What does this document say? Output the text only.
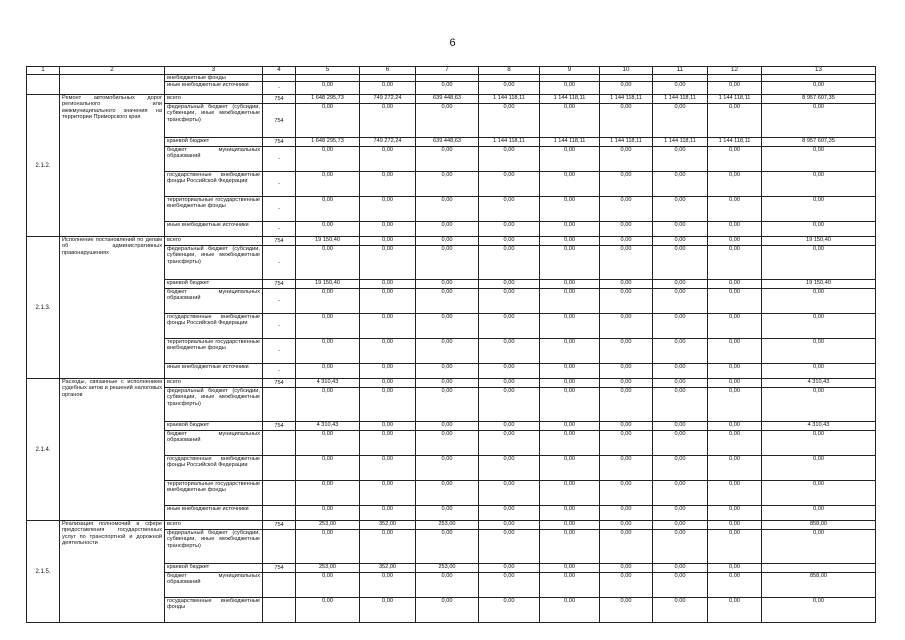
6
1	2	3	4	5	6	7	8	9	10	11	12	13
		внебюджетные фонды										
		иные внебюджетные источники	-	0,00	0,00	0,00	0,00	0,00	0,00	0,00	0,00	0,00
2.1.2.	Ремонт автомобильных дорог регионального или межмуниципального значения на территории Приморского края	всего	754	1 648 295,73	749 272,24	639 448,63	1 144 118,11	1 144 118,11	1 144 118,11	1 144 118,11	1 144 118,11	8 957 607,35
		федеральный бюджет (субсидии, субвенции, иные межбюджетные трансферты)	754	0,00	0,00	0,00	0,00	0,00	0,00	0,00	0,00	0,00
		краевой бюджет	754	1 648 295,73	749 272,24	639 448,63	1 144 118,11	1 144 118,11	1 144 118,11	1 144 118,11	1 144 118,11	8 957 607,35
		бюджет муниципальных образований	-	0,00	0,00	0,00	0,00	0,00	0,00	0,00	0,00	0,00
		государственные внебюджетные фонды Российской Федерации	-	0,00	0,00	0,00	0,00	0,00	0,00	0,00	0,00	0,00
		территориальные государственные внебюджетные фонды	-	0,00	0,00	0,00	0,00	0,00	0,00	0,00	0,00	0,00
		иные внебюджетные источники	-	0,00	0,00	0,00	0,00	0,00	0,00	0,00	0,00	0,00
2.1.3.	Исполнение постановлений по делам об административных правонарушениях	всего	754	19 150,40	0,00	0,00	0,00	0,00	0,00	0,00	0,00	19 150,40
		федеральный бюджет (субсидии, субвенции, иные межбюджетные трансферты)	-	0,00	0,00	0,00	0,00	0,00	0,00	0,00	0,00	0,00
		краевой бюджет	754	19 150,40	0,00	0,00	0,00	0,00	0,00	0,00	0,00	19 150,40
		бюджет муниципальных образований	-	0,00	0,00	0,00	0,00	0,00	0,00	0,00	0,00	0,00
		государственные внебюджетные фонды Российской Федерации	-	0,00	0,00	0,00	0,00	0,00	0,00	0,00	0,00	0,00
		территориальные государственные внебюджетные фонды	-	0,00	0,00	0,00	0,00	0,00	0,00	0,00	0,00	0,00
		иные внебюджетные источники	-	0,00	0,00	0,00	0,00	0,00	0,00	0,00	0,00	0,00
2.1.4.	Расходы, связанные с исполнением судебных актов и решений налоговых органов	всего	754	4 310,43	0,00	0,00	0,00	0,00	0,00	0,00	0,00	4 310,43
		федеральный бюджет (субсидии, субвенции, иные межбюджетные трансферты)		0,00	0,00	0,00	0,00	0,00	0,00	0,00	0,00	0,00
		краевой бюджет	754	4 310,43	0,00	0,00	0,00	0,00	0,00	0,00	0,00	4 310,43
		бюджет муниципальных образований		0,00	0,00	0,00	0,00	0,00	0,00	0,00	0,00	0,00
		государственные внебюджетные фонды Российской Федерации		0,00	0,00	0,00	0,00	0,00	0,00	0,00	0,00	0,00
		территориальные государственные внебюджетные фонды		0,00	0,00	0,00	0,00	0,00	0,00	0,00	0,00	0,00
		иные внебюджетные источники		0,00	0,00	0,00	0,00	0,00	0,00	0,00	0,00	0,00
2.1.5.	Реализация полномочий в сфере предоставления государственных услуг по транспортной и дорожной деятельности	всего	754	253,00	352,00	253,00	0,00	0,00	0,00	0,00	0,00	858,00
		федеральный бюджет (субсидии, субвенции, иные межбюджетные трансферты)		0,00	0,00	0,00	0,00	0,00	0,00	0,00	0,00	0,00
		краевой бюджет	754	253,00	352,00	253,00	0,00	0,00	0,00	0,00	0,00	
		бюджет муниципальных образований		0,00	0,00	0,00	0,00	0,00	0,00	0,00	0,00	858,00
		государственные внебюджетные фонды		0,00	0,00	0,00	0,00	0,00	0,00	0,00	0,00	0,00
